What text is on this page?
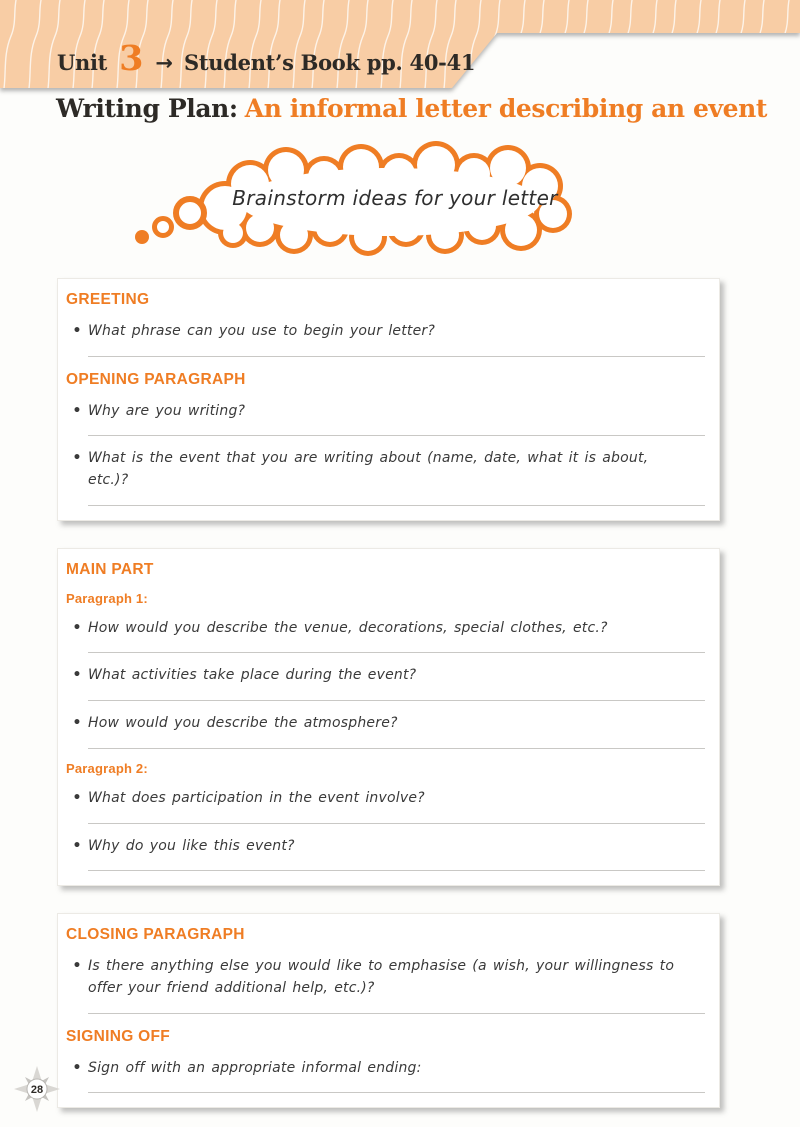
Unit 3 → Student’s Book pp. 40-41
Writing Plan: An informal letter describing an event
Brainstorm ideas for your letter
GREETING
• What phrase can you use to begin your letter?
OPENING PARAGRAPH
• Why are you writing?
• What is the event that you are writing about (name, date, what it is about, etc.)?
MAIN PART
Paragraph 1:
• How would you describe the venue, decorations, special clothes, etc.?
• What activities take place during the event?
• How would you describe the atmosphere?
Paragraph 2:
• What does participation in the event involve?
• Why do you like this event?
CLOSING PARAGRAPH
• Is there anything else you would like to emphasise (a wish, your willingness to offer your friend additional help, etc.)?
SIGNING OFF
• Sign off with an appropriate informal ending:
28
